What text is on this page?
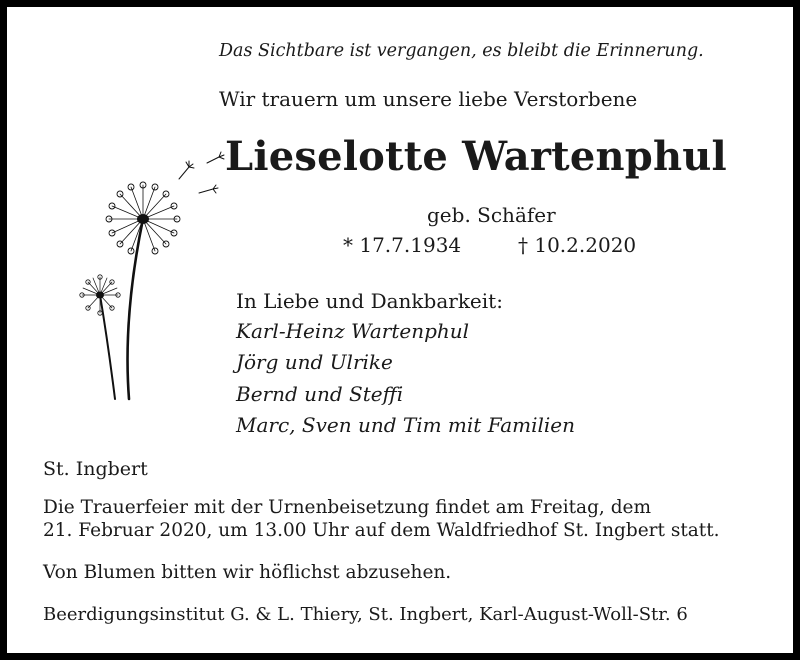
Das Sichtbare ist vergangen, es bleibt die Erinnerung.
Wir trauern um unsere liebe Verstorbene
Lieselotte Wartenphul
geb. Schäfer
* 17.7.1934	† 10.2.2020
In Liebe und Dankbarkeit:
Karl-Heinz Wartenphul
Jörg und Ulrike
Bernd und Steffi
Marc, Sven und Tim mit Familien
St. Ingbert
Die Trauerfeier mit der Urnenbeisetzung findet am Freitag, dem
21. Februar 2020, um 13.00 Uhr auf dem Waldfriedhof St. Ingbert statt.
Von Blumen bitten wir höflichst abzusehen.
Beerdigungsinstitut G. & L. Thiery, St. Ingbert, Karl-August-Woll-Str. 6
